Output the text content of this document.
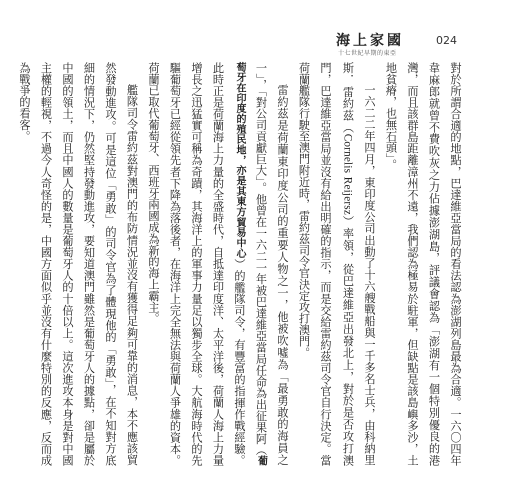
海上家國	024
十七世紀早期的東亞

對於所謂合適的地點，巴達維亞當局的看法認為澎湖列島最為合適。一六〇四年韋麻郎就曾不費吹灰之力佔據澎湖島，評議會認為「澎湖有一個特別優良的港灣，而且該群島距離漳州不遠，我們認為極易於駐軍，但缺點是該島嶼多沙，土地貧瘠，也無石頭」。

一六二二年四月，東印度公司出動了十六艘戰船與一千多名士兵，由科納里斯．雷約茲（Cornelis Reijersz）率領，從巴達維亞出發北上，對於是否攻打澳門，巴達維亞當局並沒有給出明確的指示，而是交給雷約茲司令官自行決定。當荷蘭艦隊行駛至澳門附近時，雷約茲司令官決定攻打澳門。

雷約茲是荷蘭東印度公司的重要人物之一，他被吹噓為「最勇敢的海員之一」，「對公司貢獻巨大」。他曾在一六二一年被巴達維亞當局任命為出征果阿（葡萄牙在印度的殖民地，亦是其東方貿易中心）的艦隊司令，有豐富的指揮作戰經驗。此時正是荷蘭海上力量的全盛時代，自抵達印度洋、太平洋後，荷蘭人海上力量增長之迅猛實可稱為奇蹟，其海洋上的軍事力量足以獨步全球。大航海時代的先驅葡萄牙已經從領先者下降為落後者，在海洋上完全無法與荷蘭人爭雄的資本。荷蘭已取代葡萄牙、西班牙兩國成為新的海上霸主。

艦隊司令雷約茲對澳門的布防情況並沒有獲得足夠可靠的消息，本不應該貿然發動進攻。可是這位「勇敢」的司令官為了體現他的「勇敢」，在不知對方底細的情況下，仍然堅持發動進攻，要知道澳門雖然是葡萄牙人的據點，卻是屬於中國的領土，而且中國人的數量是葡萄牙人的十倍以上。這次進攻本身是對中國主權的輕視，不過今人奇怪的是，中國方面似乎並沒有什麼特別的反應，反而成為戰爭的看客。
